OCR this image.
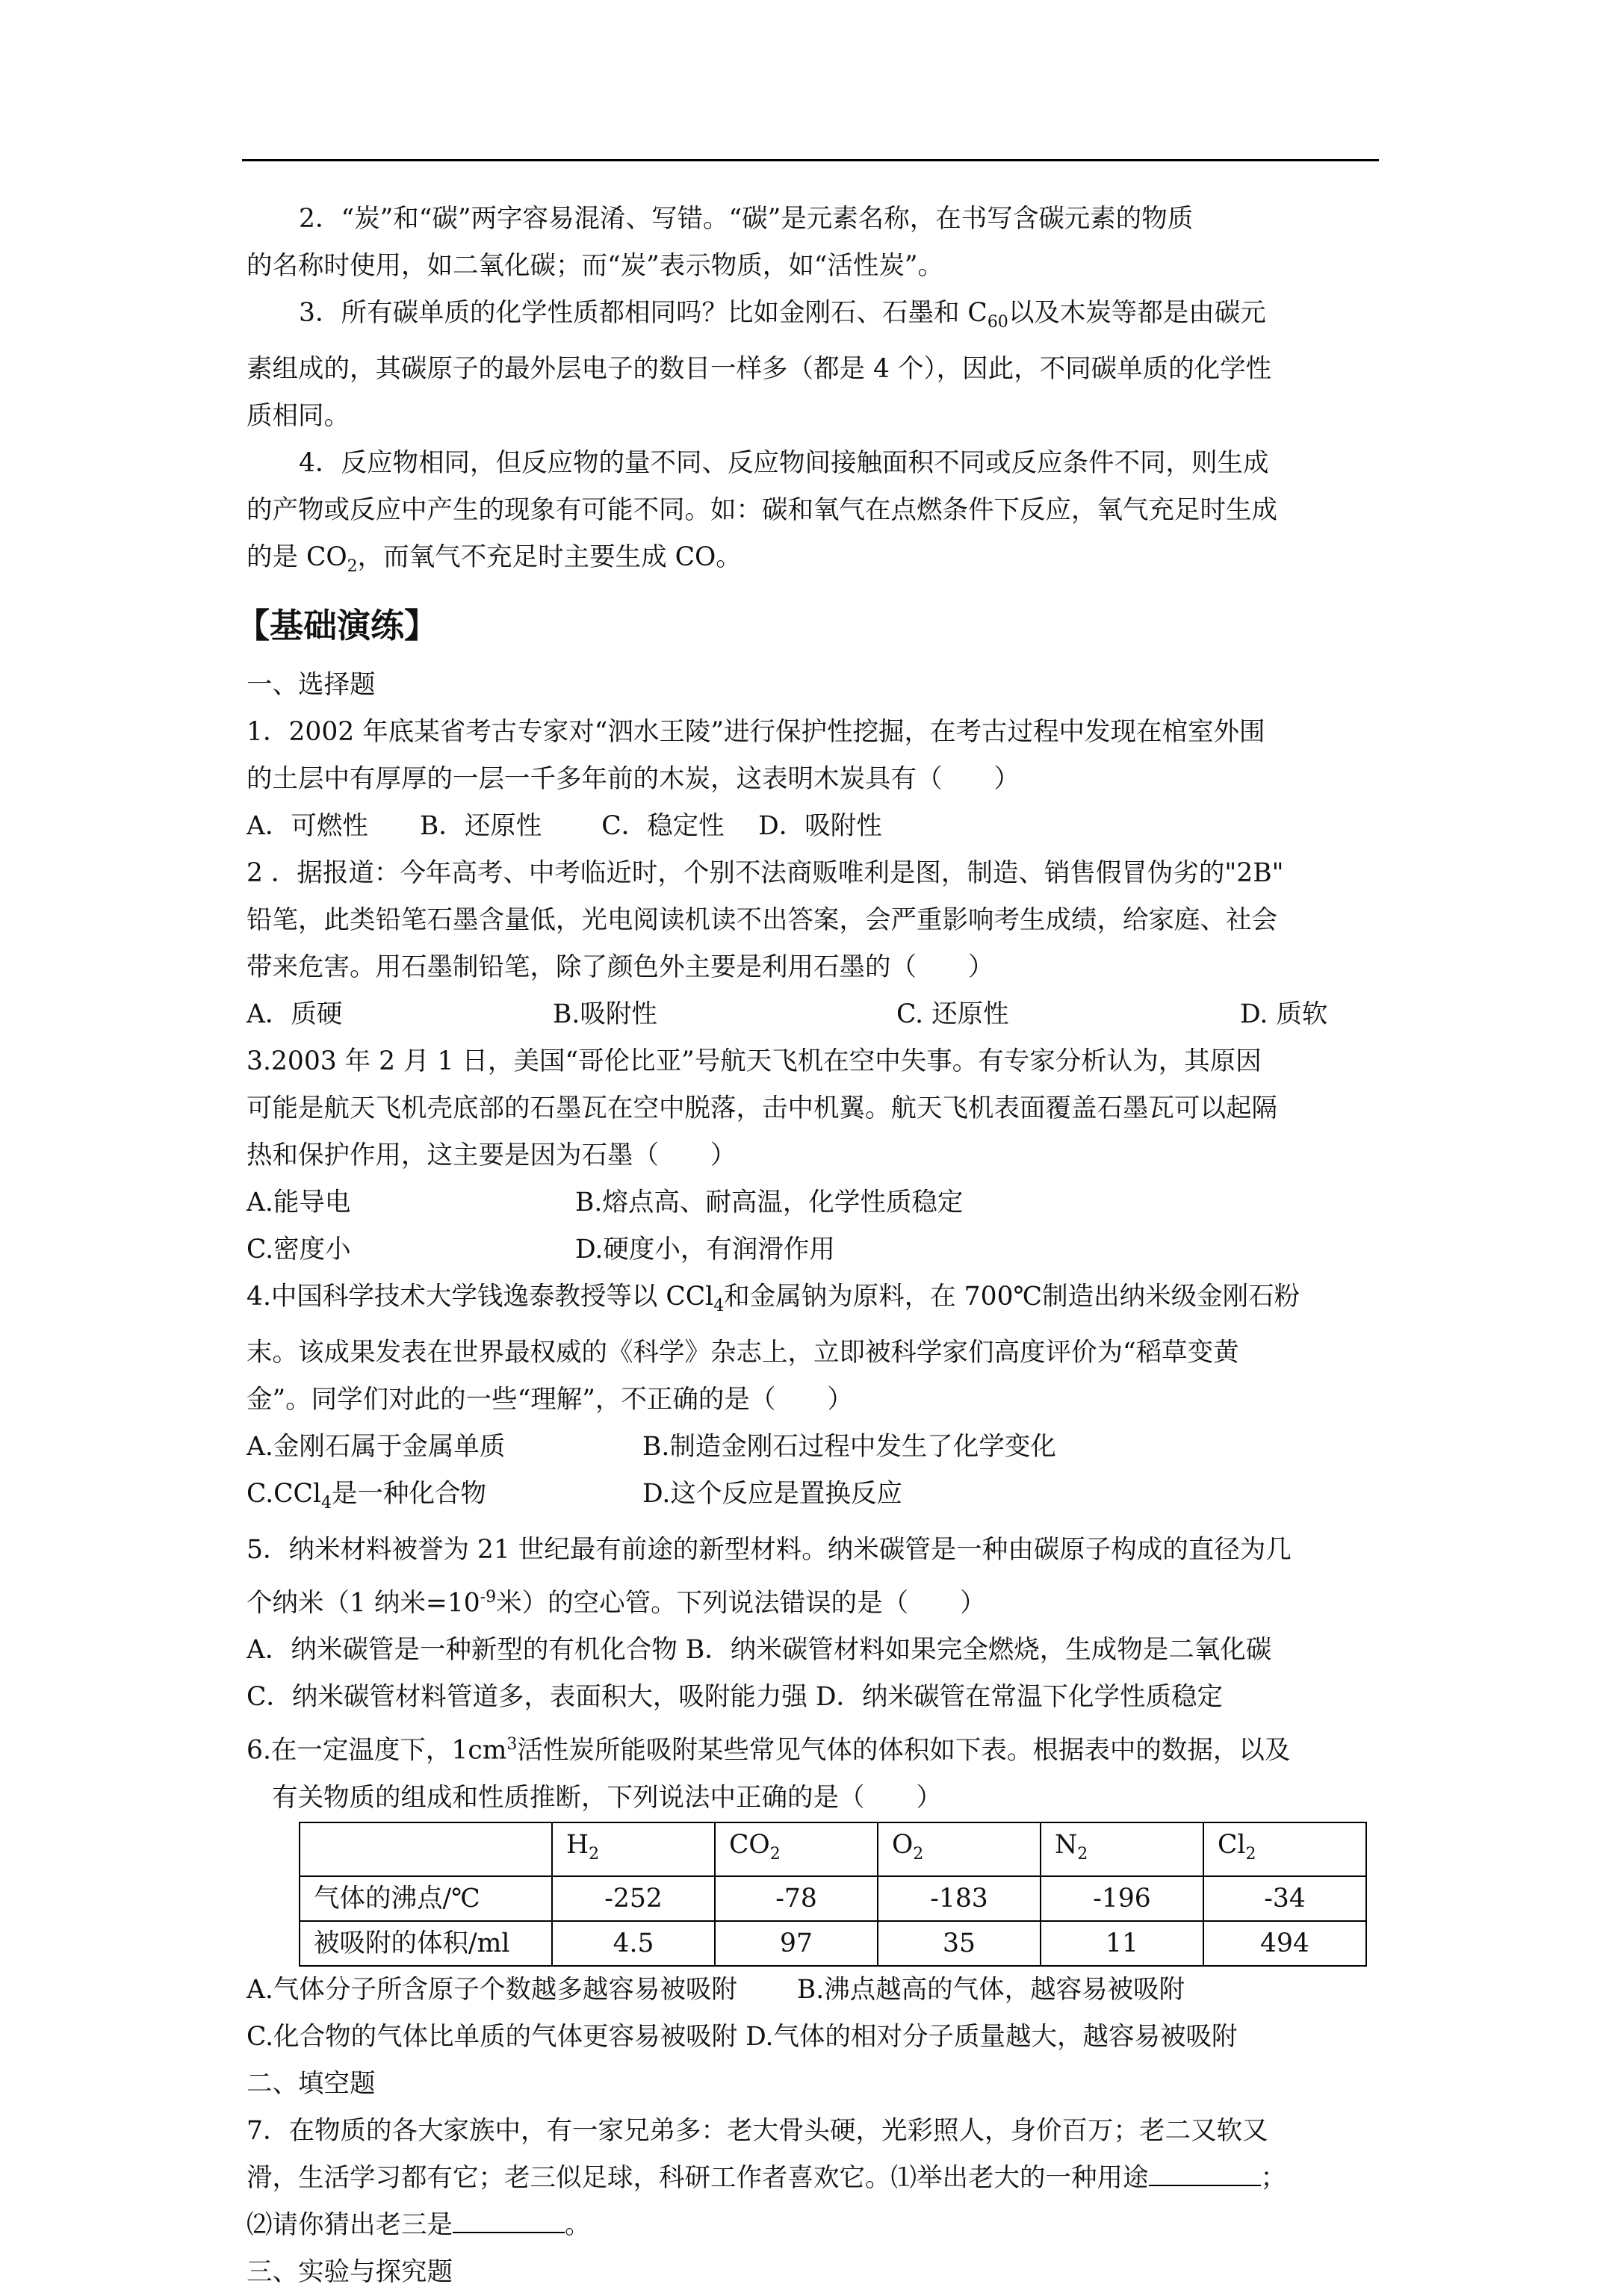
2．“炭”和“碳”两字容易混淆、写错。“碳”是元素名称，在书写含碳元素的物质

的名称时使用，如二氧化碳；而“炭”表示物质，如“活性炭”。

3．所有碳单质的化学性质都相同吗？比如金刚石、石墨和 $C_{60}$以及木炭等都是由碳元

素组成的，其碳原子的最外层电子的数目一样多（都是 4 个），因此，不同碳单质的化学性

质相同。

4．反应物相同，但反应物的量不同、反应物间接触面积不同或反应条件不同，则生成

的产物或反应中产生的现象有可能不同。如：碳和氧气在点燃条件下反应，氧气充足时生成

的是 $CO_2$，而氧气不充足时主要生成 CO。

【基础演练】

一、选择题

1．2002 年底某省考古专家对“泗水王陵”进行保护性挖掘，在考古过程中发现在棺室外围

的土层中有厚厚的一层一千多年前的木炭，这表明木炭具有（　　）

A．可燃性　　B．还原性　　 C．稳定性　 D．吸附性

2 ．据报道：今年高考、中考临近时，个别不法商贩唯利是图，制造、销售假冒伪劣的"2B"

铅笔，此类铅笔石墨含量低，光电阅读机读不出答案，会严重影响考生成绩，给家庭、社会

带来危害。用石墨制铅笔，除了颜色外主要是利用石墨的（　　）

A．质硬	B.吸附性	C. 还原性	D. 质软

3.2003 年 2 月 1 日，美国“哥伦比亚”号航天飞机在空中失事。有专家分析认为，其原因

可能是航天飞机壳底部的石墨瓦在空中脱落，击中机翼。航天飞机表面覆盖石墨瓦可以起隔

热和保护作用，这主要是因为石墨（　　）

A.能导电	B.熔点高、耐高温，化学性质稳定
C.密度小	D.硬度小，有润滑作用

4.中国科学技术大学钱逸泰教授等以 CCl$_4$和金属钠为原料，在 700℃制造出纳米级金刚石粉

末。该成果发表在世界最权威的《科学》杂志上，立即被科学家们高度评价为“稻草变黄

金”。同学们对此的一些“理解”，不正确的是（　　）

A.金刚石属于金属单质	B.制造金刚石过程中发生了化学变化
C.CCl$_4$是一种化合物	D.这个反应是置换反应

5．纳米材料被誉为 21 世纪最有前途的新型材料。纳米碳管是一种由碳原子构成的直径为几

个纳米（1 纳米$=10^{-9}$米）的空心管。下列说法错误的是（　　）

A．纳米碳管是一种新型的有机化合物 B．纳米碳管材料如果完全燃烧，生成物是二氧化碳

C．纳米碳管材料管道多，表面积大，吸附能力强 D．纳米碳管在常温下化学性质稳定

6.在一定温度下，$1cm^3$活性炭所能吸附某些常见气体的体积如下表。根据表中的数据，以及

有关物质的组成和性质推断，下列说法中正确的是（　　）

	$H_2$	$CO_2$	$O_2$	$N_2$	$Cl_2$
气体的沸点/℃	-252	-78	-183	-196	-34
被吸附的体积/ml	4.5	97	35	11	494

A.气体分子所含原子个数越多越容易被吸附　　 B.沸点越高的气体，越容易被吸附

C.化合物的气体比单质的气体更容易被吸附 D.气体的相对分子质量越大，越容易被吸附

二、填空题

7．在物质的各大家族中，有一家兄弟多：老大骨头硬，光彩照人，身价百万；老二又软又

滑，生活学习都有它；老三似足球，科研工作者喜欢它。⑴举出老大的一种用途	；

⑵请你猜出老三是	。

三、实验与探究题
